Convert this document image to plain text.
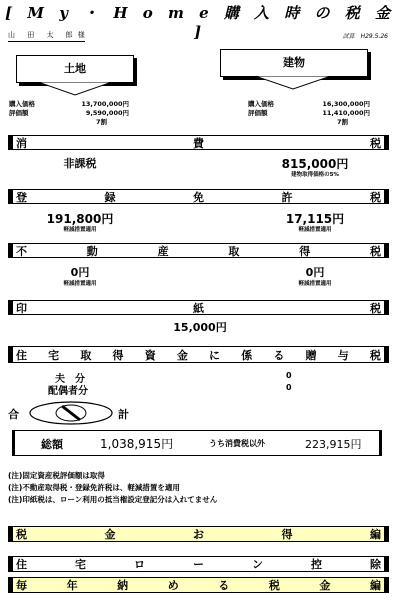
[ M y ・ H o m e 購 入 時 の 税 金 ]
山 田 太 郎様	試算　H29.5.26
土地
購入価格	13,700,000円
評価額	9,590,000円
7割
建物
購入価格	16,300,000円
評価額	11,410,000円
7割
消	費	税
非課税	815,000円
建物取得価格の5%
登	録	免	許	税
191,800円
軽減措置適用
17,115円
軽減措置適用
不	動	産	取	得	税
0円
軽減措置適用
0円
軽減措置適用
印	紙	税
15,000円
住 宅 取 得 資 金 に 係 る 贈 与 税
夫　分
配偶者分
0
0
合	計
総額	1,038,915円	うち消費税以外	223,915円
(注)固定資産税評価額は取得
(注)不動産取得税・登録免許税は、軽減措置を適用
(注)印紙税は、ローン利用の抵当権設定登記分は入れてません
税	金	お	得	編
住	宅	ロ	ー	ン	控	除
毎	年	納	め	る	税	金	編
